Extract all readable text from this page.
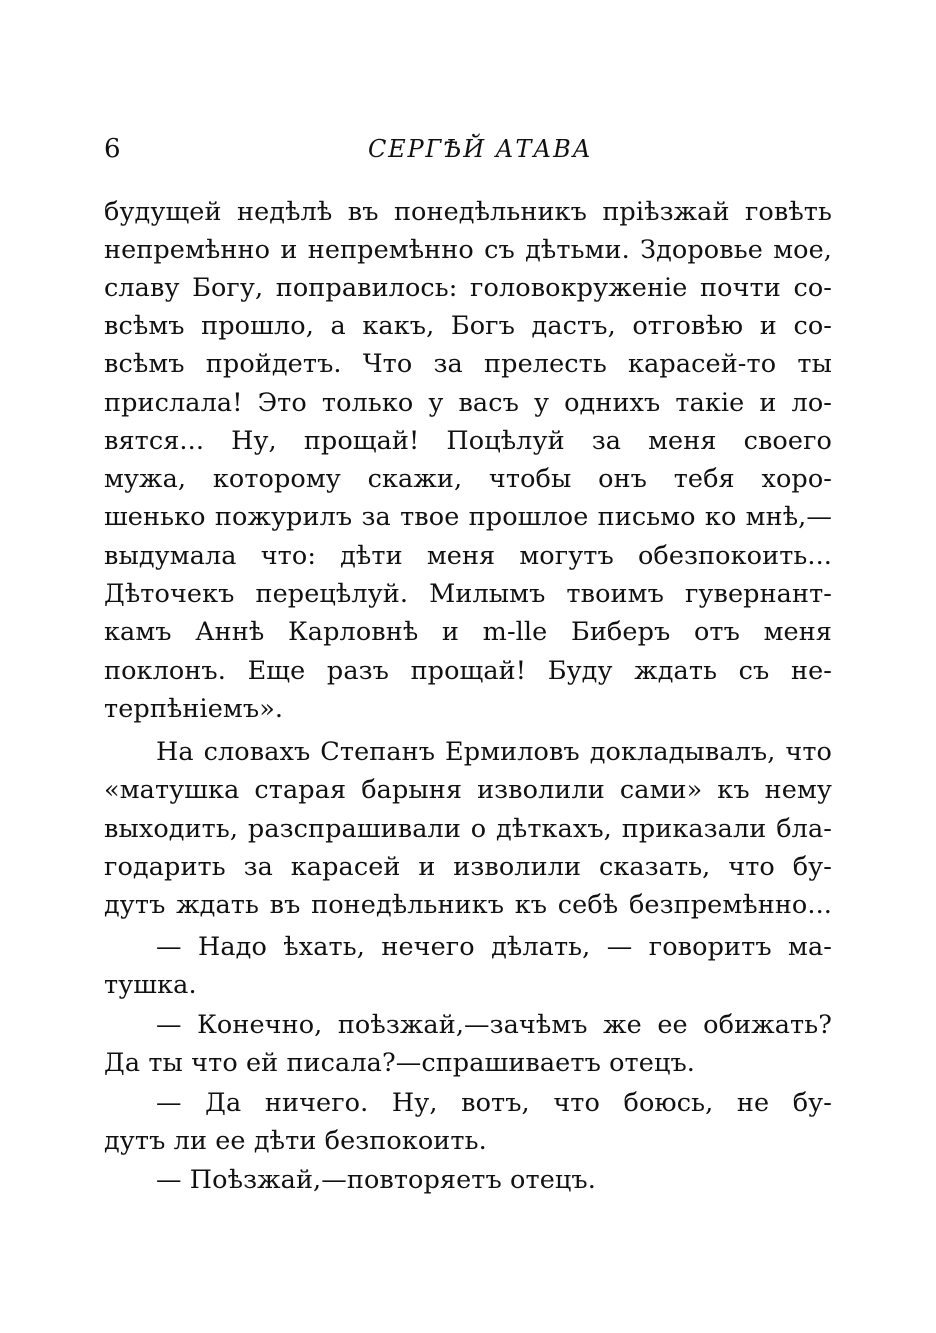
6	СЕРГѢЙ АТАВА
будущей недѣлѣ въ понедѣльникъ пріѣзжай говѣть
непремѣнно и непремѣнно съ дѣтьми. Здоровье мое,
славу Богу, поправилось: головокруженіе почти со-
всѣмъ прошло, а какъ, Богъ дастъ, отговѣю и со-
всѣмъ пройдетъ. Что за прелесть карасей-то ты
прислала! Это только у васъ у однихъ такіе и ло-
вятся... Ну, прощай! Поцѣлуй за меня своего
мужа, которому скажи, чтобы онъ тебя хоро-
шенько пожурилъ за твое прошлое письмо ко мнѣ,—
выдумала что: дѣти меня могутъ обезпокоить...
Дѣточекъ перецѣлуй. Милымъ твоимъ гувернант-
камъ Аннѣ Карловнѣ и m-lle Биберъ отъ меня
поклонъ. Еще разъ прощай! Буду ждать съ не-
терпѣніемъ».
На словахъ Степанъ Ермиловъ докладывалъ, что
«матушка старая барыня изволили сами» къ нему
выходить, разспрашивали о дѣткахъ, приказали бла-
годарить за карасей и изволили сказать, что бу-
дутъ ждать въ понедѣльникъ къ себѣ безпремѣнно...
— Надо ѣхать, нечего дѣлать, — говоритъ ма-
тушка.
— Конечно, поѣзжай,—зачѣмъ же ее обижать?
Да ты что ей писала?—спрашиваетъ отецъ.
— Да ничего. Ну, вотъ, что боюсь, не бу-
дутъ ли ее дѣти безпокоить.
— Поѣзжай,—повторяетъ отецъ.
